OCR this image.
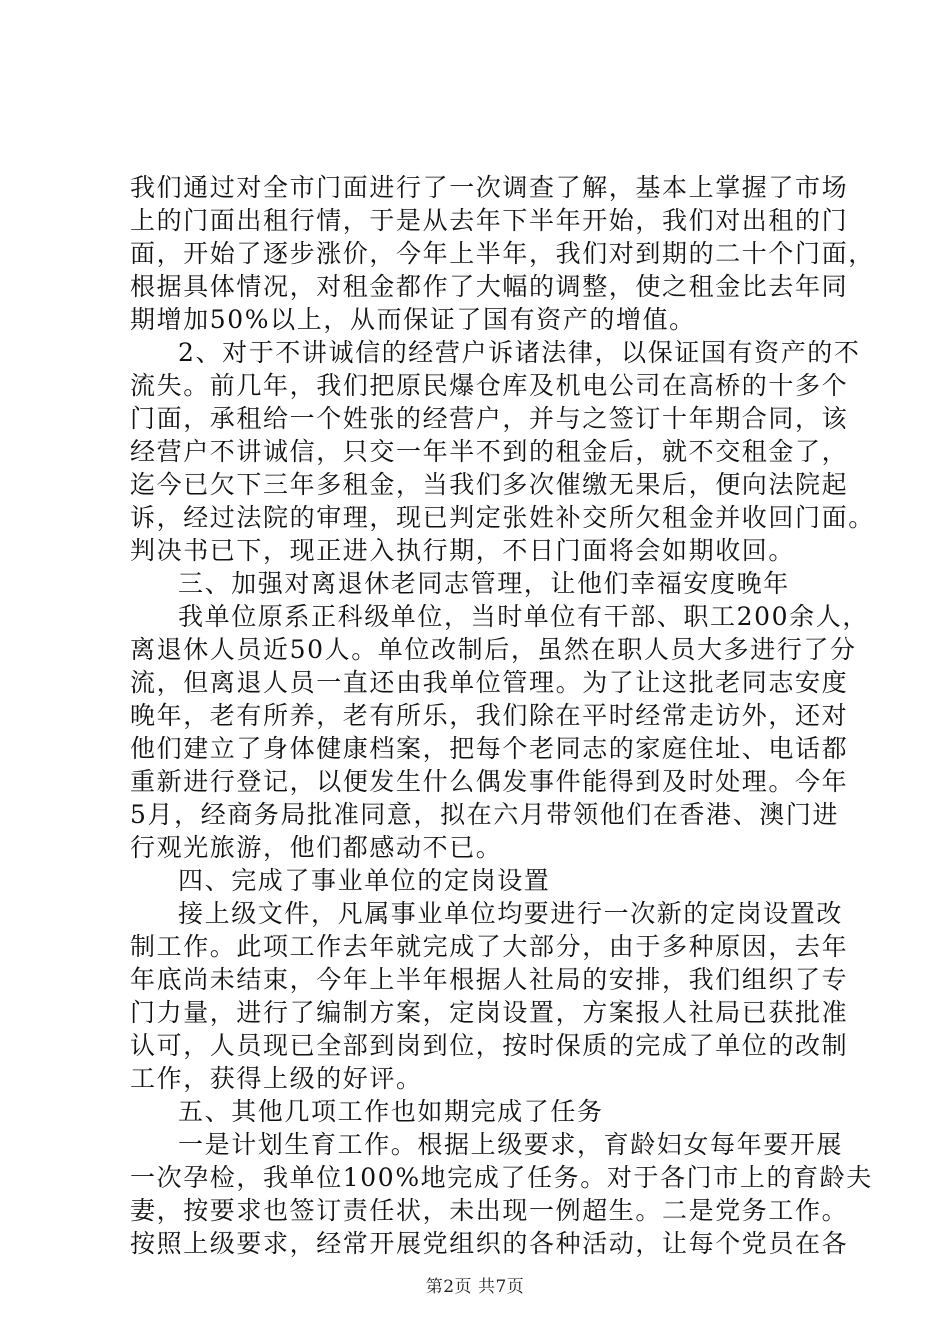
我们通过对全市门面进行了一次调查了解，基本上掌握了市场
上的门面出租行情，于是从去年下半年开始，我们对出租的门
面，开始了逐步涨价，今年上半年，我们对到期的二十个门面，
根据具体情况，对租金都作了大幅的调整，使之租金比去年同
期增加50%以上，从而保证了国有资产的增值。
2、对于不讲诚信的经营户诉诸法律，以保证国有资产的不
流失。前几年，我们把原民爆仓库及机电公司在高桥的十多个
门面，承租给一个姓张的经营户，并与之签订十年期合同，该
经营户不讲诚信，只交一年半不到的租金后，就不交租金了，
迄今已欠下三年多租金，当我们多次催缴无果后，便向法院起
诉，经过法院的审理，现已判定张姓补交所欠租金并收回门面。
判决书已下，现正进入执行期，不日门面将会如期收回。
三、加强对离退休老同志管理，让他们幸福安度晚年
我单位原系正科级单位，当时单位有干部、职工200余人，
离退休人员近50人。单位改制后，虽然在职人员大多进行了分
流，但离退人员一直还由我单位管理。为了让这批老同志安度
晚年，老有所养，老有所乐，我们除在平时经常走访外，还对
他们建立了身体健康档案，把每个老同志的家庭住址、电话都
重新进行登记，以便发生什么偶发事件能得到及时处理。今年
5月，经商务局批准同意，拟在六月带领他们在香港、澳门进
行观光旅游，他们都感动不已。
四、完成了事业单位的定岗设置
接上级文件，凡属事业单位均要进行一次新的定岗设置改
制工作。此项工作去年就完成了大部分，由于多种原因，去年
年底尚未结束，今年上半年根据人社局的安排，我们组织了专
门力量，进行了编制方案，定岗设置，方案报人社局已获批准
认可，人员现已全部到岗到位，按时保质的完成了单位的改制
工作，获得上级的好评。
五、其他几项工作也如期完成了任务
一是计划生育工作。根据上级要求，育龄妇女每年要开展
一次孕检，我单位100%地完成了任务。对于各门市上的育龄夫
妻，按要求也签订责任状，未出现一例超生。二是党务工作。
按照上级要求，经常开展党组织的各种活动，让每个党员在各
第2页 共7页
